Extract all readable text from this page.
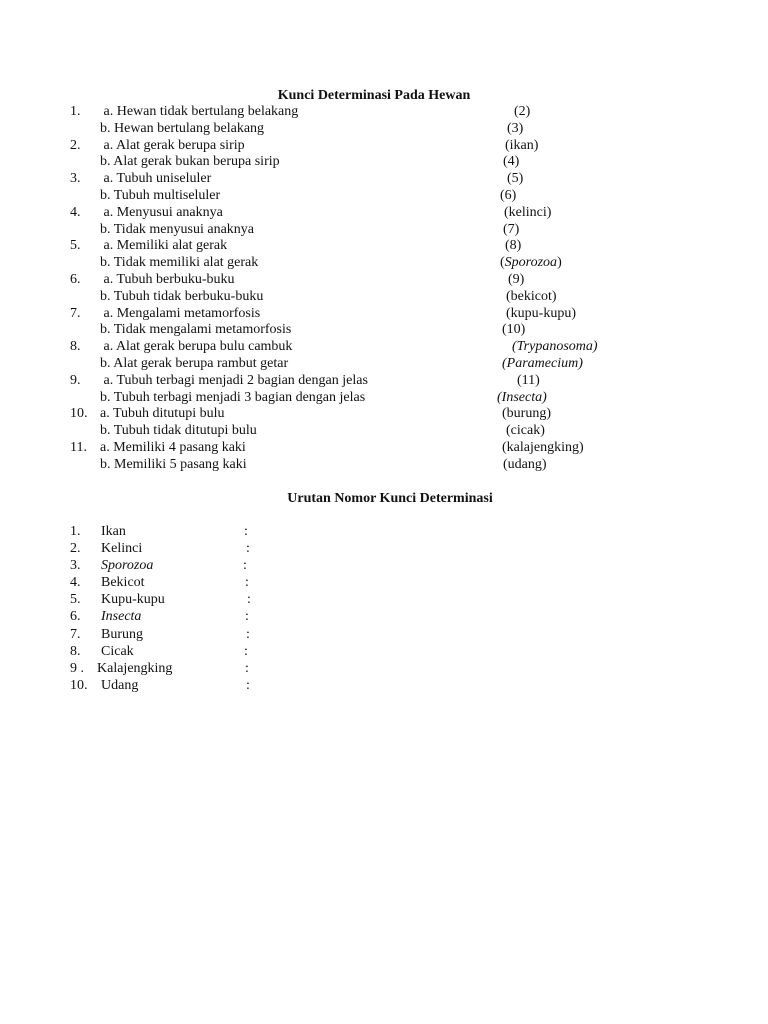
Kunci Determinasi Pada Hewan
1. a. Hewan tidak bertulang belakang	(2)
b. Hewan bertulang belakang	(3)
2. a. Alat gerak berupa sirip	(ikan)
b. Alat gerak bukan berupa sirip	(4)
3. a. Tubuh uniseluler	(5)
b. Tubuh multiseluler	(6)
4. a. Menyusui anaknya	(kelinci)
b. Tidak menyusui anaknya	(7)
5. a. Memiliki alat gerak	(8)
b. Tidak memiliki alat gerak	(Sporozoa)
6. a. Tubuh berbuku-buku	(9)
b. Tubuh tidak berbuku-buku	(bekicot)
7. a. Mengalami metamorfosis	(kupu-kupu)
b. Tidak mengalami metamorfosis	(10)
8. a. Alat gerak berupa bulu cambuk	(Trypanosoma)
b. Alat gerak berupa rambut getar	(Paramecium)
9. a. Tubuh terbagi menjadi 2 bagian dengan jelas	(11)
b. Tubuh terbagi menjadi 3 bagian dengan jelas	(Insecta)
10. a. Tubuh ditutupi bulu	(burung)
b. Tubuh tidak ditutupi bulu	(cicak)
11. a. Memiliki 4 pasang kaki	(kalajengking)
b. Memiliki 5 pasang kaki	(udang)
Urutan Nomor Kunci Determinasi
1. Ikan	:
2. Kelinci	:
3. Sporozoa	:
4. Bekicot	:
5. Kupu-kupu	:
6. Insecta	:
7. Burung	:
8. Cicak	:
9 . Kalajengking	:
10. Udang	:
